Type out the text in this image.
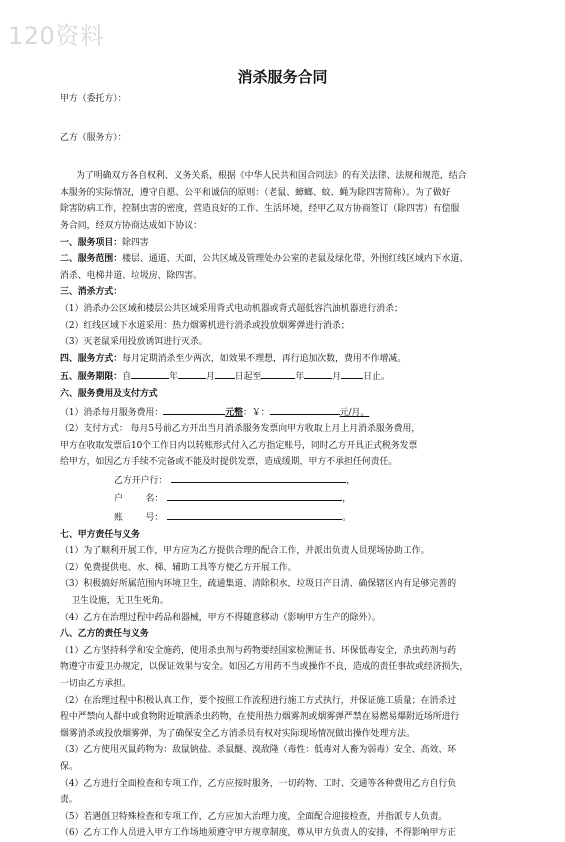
120资料
消杀服务合同
甲方（委托方）：
乙方（服务方）：
为了明确双方各自权利、义务关系，根据《中华人民共和国合同法》的有关法律、法规和规范，结合
本服务的实际情况，遵守自愿、公平和诚信的原则：（老鼠、蟑螂、蚊、蝇为除四害简称）。为了做好
除害防病工作，控制虫害的密度，营造良好的工作、生活环境，经甲乙双方协商签订（除四害）有偿服
务合同，经双方协商达成如下协议：
一、服务项目：除四害
二、服务范围：楼层、通道、天面，公共区域及管理处办公室的老鼠及绿化带，外围红线区域内下水道、
消杀、电梯井道、垃圾房、除四害。
三、消杀方式：
（1）消杀办公区域和楼层公共区域采用背式电动机器或背式超低容汽油机器进行消杀；
（2）红线区域下水道采用：热力烟雾机进行消杀或投放烟雾弹进行消杀；
（3）灭老鼠采用投放诱饵进行灭杀。
四、服务方式：每月定期消杀至少两次，如效果不理想，再行追加次数，费用不作增减。
五、服务期限：自	年	月 日起至	年	月 日止。
六、服务费用及支付方式
（1）消杀每月服务费用：	元整：￥：	元/月。
（2）支付方式： 每月5号前乙方开出当月消杀服务发票向甲方收取上月上月消杀服务费用，
甲方在收取发票后10个工作日内以转账形式付入乙方指定账号，同时乙方开具正式税务发票
给甲方，如因乙方手续不完备或不能及时提供发票，造成缓期，甲方不承担任何责任。
乙方开户行：	，
户        名：	，
账        号：	。
七、甲方责任与义务
（1）为了顺利开展工作，甲方应为乙方提供合理的配合工作，并派出负责人员现场协助工作。
（2）免费提供电、水、梯、辅助工具等方便乙方开展工作。
（3）积极搞好所属范围内环境卫生，疏通集道、清除积水，垃圾日产日清、确保辖区内有足够完善的
卫生设施，无卫生死角。
（4）乙方在治理过程中药品和器械，甲方不得随意移动（影响甲方生产的除外）。
八、乙方的责任与义务
（1）乙方坚持科学和安全施药，使用杀虫剂与药物要经国家检测证书、环保低毒安全，杀虫药剂与药
物遵守市爱卫办规定，以保证效果与安全。如因乙方用药不当或操作不良，造成的责任事故或经济损失，
一切由乙方承担。
（2）在治理过程中积极认真工作，要个按照工作流程进行施工方式执行，并保证施工质量；在消杀过
程中严禁向人群中或食物附近喷洒杀虫药物，在使用热力烟雾剂或烟雾弹严禁在易燃易爆附近场所进行
烟雾消杀或投放烟雾弹，为了确保安全乙方消杀员有权对实际现场情况做出操作处理方法。
（3）乙方使用灭鼠药物为：敌鼠钠盐、杀鼠醚、溴敌隆（毒性：低毒对人畜为弱毒）安全、高效、环
保。
（4）乙方进行全面检查和专项工作，乙方应按时服务，一切药物、工时、交通等各种费用乙方自行负
责。
（5）若遇创卫特殊检查和专项工作，乙方应加大治理力度，全面配合迎接检查，并指派专人负责。
（6）乙方工作人员进入甲方工作场地须遵守甲方规章制度，尊从甲方负责人的安排，不得影响甲方正
